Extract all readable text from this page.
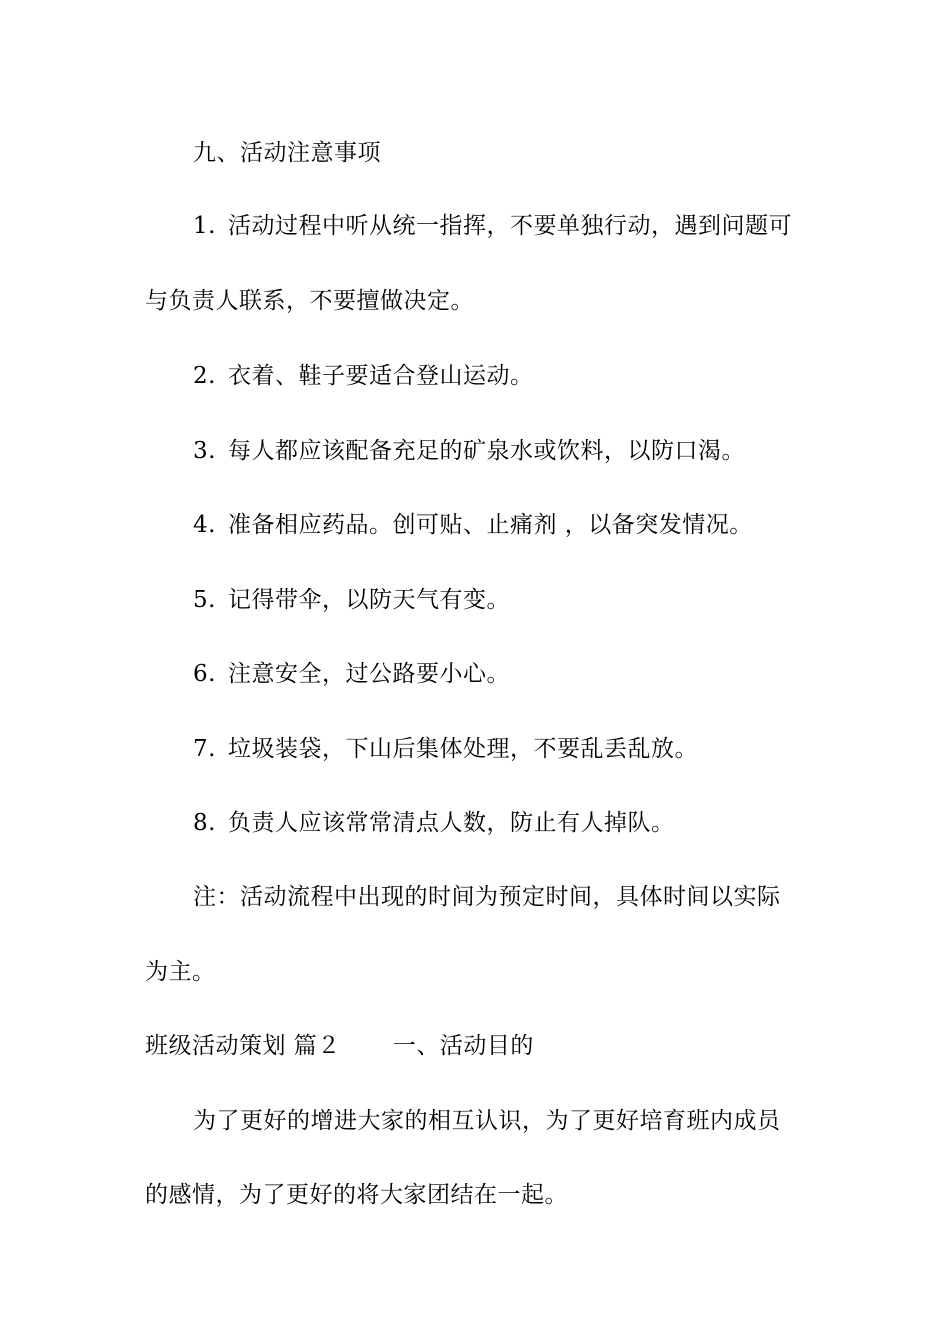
九、活动注意事项
1. 活动过程中听从统一指挥，不要单独行动，遇到问题可
与负责人联系，不要擅做决定。
2. 衣着、鞋子要适合登山运动。
3. 每人都应该配备充足的矿泉水或饮料，以防口渴。
4. 准备相应药品。创可贴、止痛剂 ，以备突发情况。
5. 记得带伞，以防天气有变。
6. 注意安全，过公路要小心。
7. 垃圾装袋，下山后集体处理，不要乱丢乱放。
8. 负责人应该常常清点人数，防止有人掉队。
注：活动流程中出现的时间为预定时间，具体时间以实际
为主。
班级活动策划 篇２ 一、活动目的
为了更好的增进大家的相互认识，为了更好培育班内成员
的感情，为了更好的将大家团结在一起。
